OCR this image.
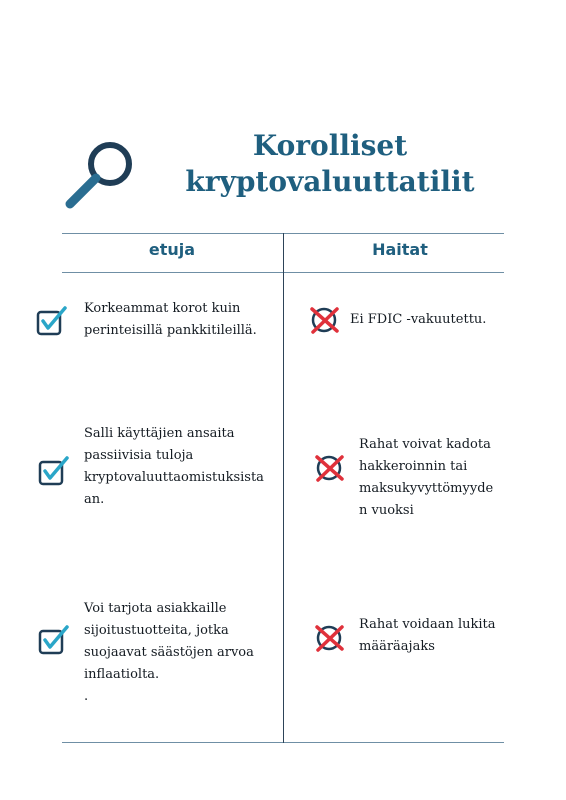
Korolliset
kryptovaluuttatilit
etuja	Haitat
Korkeammat korot kuin
perinteisillä pankkitileillä.
Salli käyttäjien ansaita
passiivisia tuloja
kryptovaluuttaomistuksista
an.
Voi tarjota asiakkaille
sijoitustuotteita, jotka
suojaavat säästöjen arvoa
inflaatiolta.
.
Ei FDIC -vakuutettu.
Rahat voivat kadota
hakkeroinnin tai
maksukyvyttömyyde
n vuoksi
Rahat voidaan lukita
määräajaks
